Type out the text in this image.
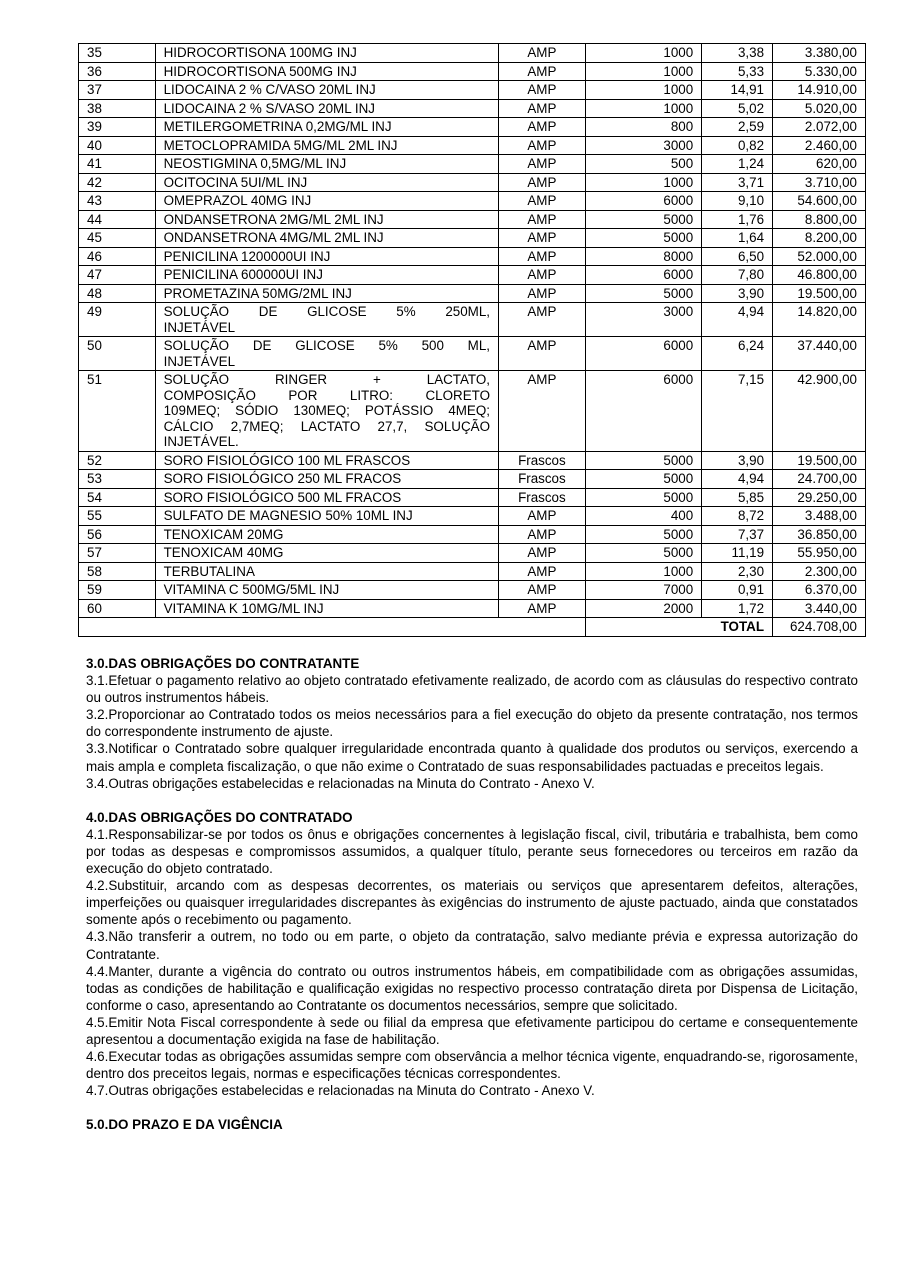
35	HIDROCORTISONA 100MG INJ	AMP	1000	3,38	3.380,00
36	HIDROCORTISONA 500MG INJ	AMP	1000	5,33	5.330,00
37	LIDOCAINA 2 % C/VASO 20ML INJ	AMP	1000	14,91	14.910,00
38	LIDOCAINA 2 % S/VASO 20ML INJ	AMP	1000	5,02	5.020,00
39	METILERGOMETRINA 0,2MG/ML INJ	AMP	800	2,59	2.072,00
40	METOCLOPRAMIDA 5MG/ML 2ML INJ	AMP	3000	0,82	2.460,00
41	NEOSTIGMINA 0,5MG/ML INJ	AMP	500	1,24	620,00
42	OCITOCINA 5UI/ML INJ	AMP	1000	3,71	3.710,00
43	OMEPRAZOL 40MG INJ	AMP	6000	9,10	54.600,00
44	ONDANSETRONA 2MG/ML 2ML INJ	AMP	5000	1,76	8.800,00
45	ONDANSETRONA 4MG/ML 2ML INJ	AMP	5000	1,64	8.200,00
46	PENICILINA 1200000UI INJ	AMP	8000	6,50	52.000,00
47	PENICILINA 600000UI INJ	AMP	6000	7,80	46.800,00
48	PROMETAZINA 50MG/2ML INJ	AMP	5000	3,90	19.500,00
49	SOLUÇÃO DE GLICOSE 5% 250ML,
INJETÁVEL	AMP	3000	4,94	14.820,00
50	SOLUÇÃO DE GLICOSE 5% 500 ML,
INJETÁVEL	AMP	6000	6,24	37.440,00
51	SOLUÇÃO RINGER + LACTATO,
COMPOSIÇÃO POR LITRO: CLORETO
109MEQ; SÓDIO 130MEQ; POTÁSSIO 4MEQ;
CÁLCIO 2,7MEQ; LACTATO 27,7, SOLUÇÃO
INJETÁVEL.	AMP	6000	7,15	42.900,00
52	SORO FISIOLÓGICO 100 ML FRASCOS	Frascos	5000	3,90	19.500,00
53	SORO FISIOLÓGICO 250 ML FRACOS	Frascos	5000	4,94	24.700,00
54	SORO FISIOLÓGICO 500 ML FRACOS	Frascos	5000	5,85	29.250,00
55	SULFATO DE MAGNESIO 50% 10ML INJ	AMP	400	8,72	3.488,00
56	TENOXICAM 20MG	AMP	5000	7,37	36.850,00
57	TENOXICAM 40MG	AMP	5000	11,19	55.950,00
58	TERBUTALINA	AMP	1000	2,30	2.300,00
59	VITAMINA C 500MG/5ML INJ	AMP	7000	0,91	6.370,00
60	VITAMINA K 10MG/ML INJ	AMP	2000	1,72	3.440,00
			TOTAL		624.708,00
3.0.DAS OBRIGAÇÕES DO CONTRATANTE

3.1.Efetuar o pagamento relativo ao objeto contratado efetivamente realizado, de acordo com as cláusulas do respectivo contrato ou outros instrumentos hábeis.

3.2.Proporcionar ao Contratado todos os meios necessários para a fiel execução do objeto da presente contratação, nos termos do correspondente instrumento de ajuste.

3.3.Notificar o Contratado sobre qualquer irregularidade encontrada quanto à qualidade dos produtos ou serviços, exercendo a mais ampla e completa fiscalização, o que não exime o Contratado de suas responsabilidades pactuadas e preceitos legais.

3.4.Outras obrigações estabelecidas e relacionadas na Minuta do Contrato - Anexo V.

4.0.DAS OBRIGAÇÕES DO CONTRATADO

4.1.Responsabilizar-se por todos os ônus e obrigações concernentes à legislação fiscal, civil, tributária e trabalhista, bem como por todas as despesas e compromissos assumidos, a qualquer título, perante seus fornecedores ou terceiros em razão da execução do objeto contratado.

4.2.Substituir, arcando com as despesas decorrentes, os materiais ou serviços que apresentarem defeitos, alterações, imperfeições ou quaisquer irregularidades discrepantes às exigências do instrumento de ajuste pactuado, ainda que constatados somente após o recebimento ou pagamento.

4.3.Não transferir a outrem, no todo ou em parte, o objeto da contratação, salvo mediante prévia e expressa autorização do Contratante.

4.4.Manter, durante a vigência do contrato ou outros instrumentos hábeis, em compatibilidade com as obrigações assumidas, todas as condições de habilitação e qualificação exigidas no respectivo processo contratação direta por Dispensa de Licitação, conforme o caso, apresentando ao Contratante os documentos necessários, sempre que solicitado.

4.5.Emitir Nota Fiscal correspondente à sede ou filial da empresa que efetivamente participou do certame e consequentemente apresentou a documentação exigida na fase de habilitação.

4.6.Executar todas as obrigações assumidas sempre com observância a melhor técnica vigente, enquadrando-se, rigorosamente, dentro dos preceitos legais, normas e especificações técnicas correspondentes.

4.7.Outras obrigações estabelecidas e relacionadas na Minuta do Contrato - Anexo V.

5.0.DO PRAZO E DA VIGÊNCIA
